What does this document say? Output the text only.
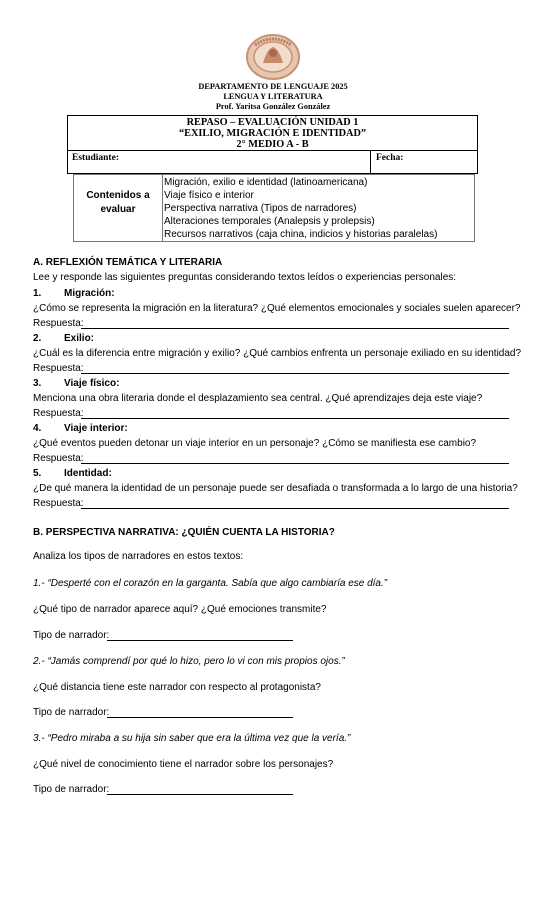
DEPARTAMENTO DE LENGUAJE 2025
LENGUA Y LITERATURA
Prof. Yaritsa González González
REPASO – EVALUACIÓN UNIDAD 1
“EXILIO, MIGRACIÓN E IDENTIDAD”
2° MEDIO A - B
Estudiante:	Fecha:
Contenidos a
evaluar
Migración, exilio e identidad (latinoamericana)
Viaje físico e interior
Perspectiva narrativa (Tipos de narradores)
Alteraciones temporales (Analepsis y prolepsis)
Recursos narrativos (caja china, indicios y historias paralelas)
A. REFLEXIÓN TEMÁTICA Y LITERARIA
Lee y responde las siguientes preguntas considerando textos leídos o experiencias personales:
1. Migración:
¿Cómo se representa la migración en la literatura? ¿Qué elementos emocionales y sociales suelen aparecer?
Respuesta:
2. Exilio:
¿Cuál es la diferencia entre migración y exilio? ¿Qué cambios enfrenta un personaje exiliado en su identidad?
Respuesta:
3. Viaje físico:
Menciona una obra literaria donde el desplazamiento sea central. ¿Qué aprendizajes deja este viaje?
Respuesta:
4. Viaje interior:
¿Qué eventos pueden detonar un viaje interior en un personaje? ¿Cómo se manifiesta ese cambio?
Respuesta:
5. Identidad:
¿De qué manera la identidad de un personaje puede ser desafiada o transformada a lo largo de una historia?
Respuesta:
B. PERSPECTIVA NARRATIVA: ¿QUIÉN CUENTA LA HISTORIA?
Analiza los tipos de narradores en estos textos:
1.- “Desperté con el corazón en la garganta. Sabía que algo cambiaría ese día.”
¿Qué tipo de narrador aparece aquí? ¿Qué emociones transmite?
Tipo de narrador:
2.- “Jamás comprendí por qué lo hizo, pero lo vi con mis propios ojos.”
¿Qué distancia tiene este narrador con respecto al protagonista?
Tipo de narrador:
3.- “Pedro miraba a su hija sin saber que era la última vez que la vería.”
¿Qué nivel de conocimiento tiene el narrador sobre los personajes?
Tipo de narrador:
